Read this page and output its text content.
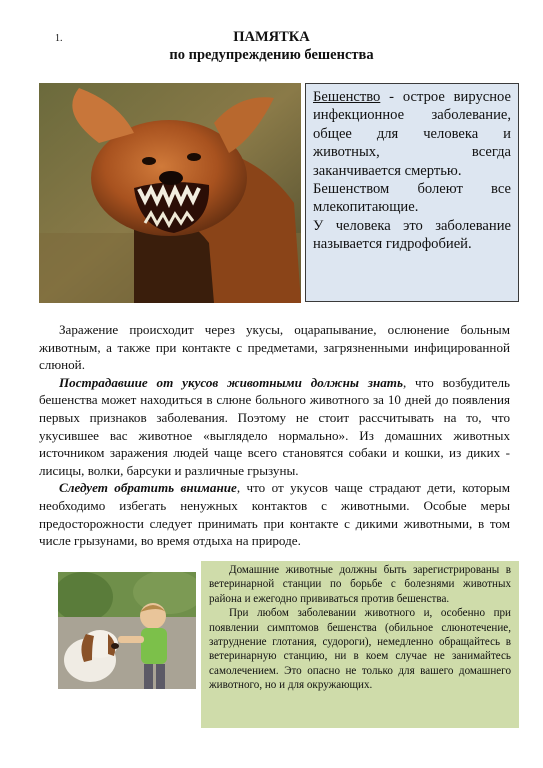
1.	ПАМЯТКА
по предупреждению бешенства

Бешенство - острое вирусное инфекционное заболевание, общее для человека и животных, всегда заканчивается смертью.

Бешенством болеют все млекопитающие.

У человека это заболевание называется гидрофобией.

Заражение происходит через укусы, оцарапывание, ослюнение больным животным, а также при контакте с предметами, загрязненными инфицированной слюной.

Пострадавшие от укусов животными должны знать, что возбудитель бешенства может находиться в слюне больного животного за 10 дней до появления первых признаков заболевания. Поэтому не стоит рассчитывать на то, что укусившее вас животное «выглядело нормально». Из домашних животных источником заражения людей чаще всего становятся собаки и кошки, из диких - лисицы, волки, барсуки и различные грызуны.

Следует обратить внимание, что от укусов чаще страдают дети, которым необходимо избегать ненужных контактов с животными. Особые меры предосторожности следует принимать при контакте с дикими животными, в том числе грызунами, во время отдыха на природе.

Домашние животные должны быть зарегистрированы в ветеринарной станции по борьбе с болезнями животных района и ежегодно прививаться против бешенства.

При любом заболевании животного и, особенно при появлении симптомов бешенства (обильное слюнотечение, затруднение глотания, судороги), немедленно обращайтесь в ветеринарную станцию, ни в коем случае не занимайтесь самолечением. Это опасно не только для вашего домашнего животного, но и для окружающих.
